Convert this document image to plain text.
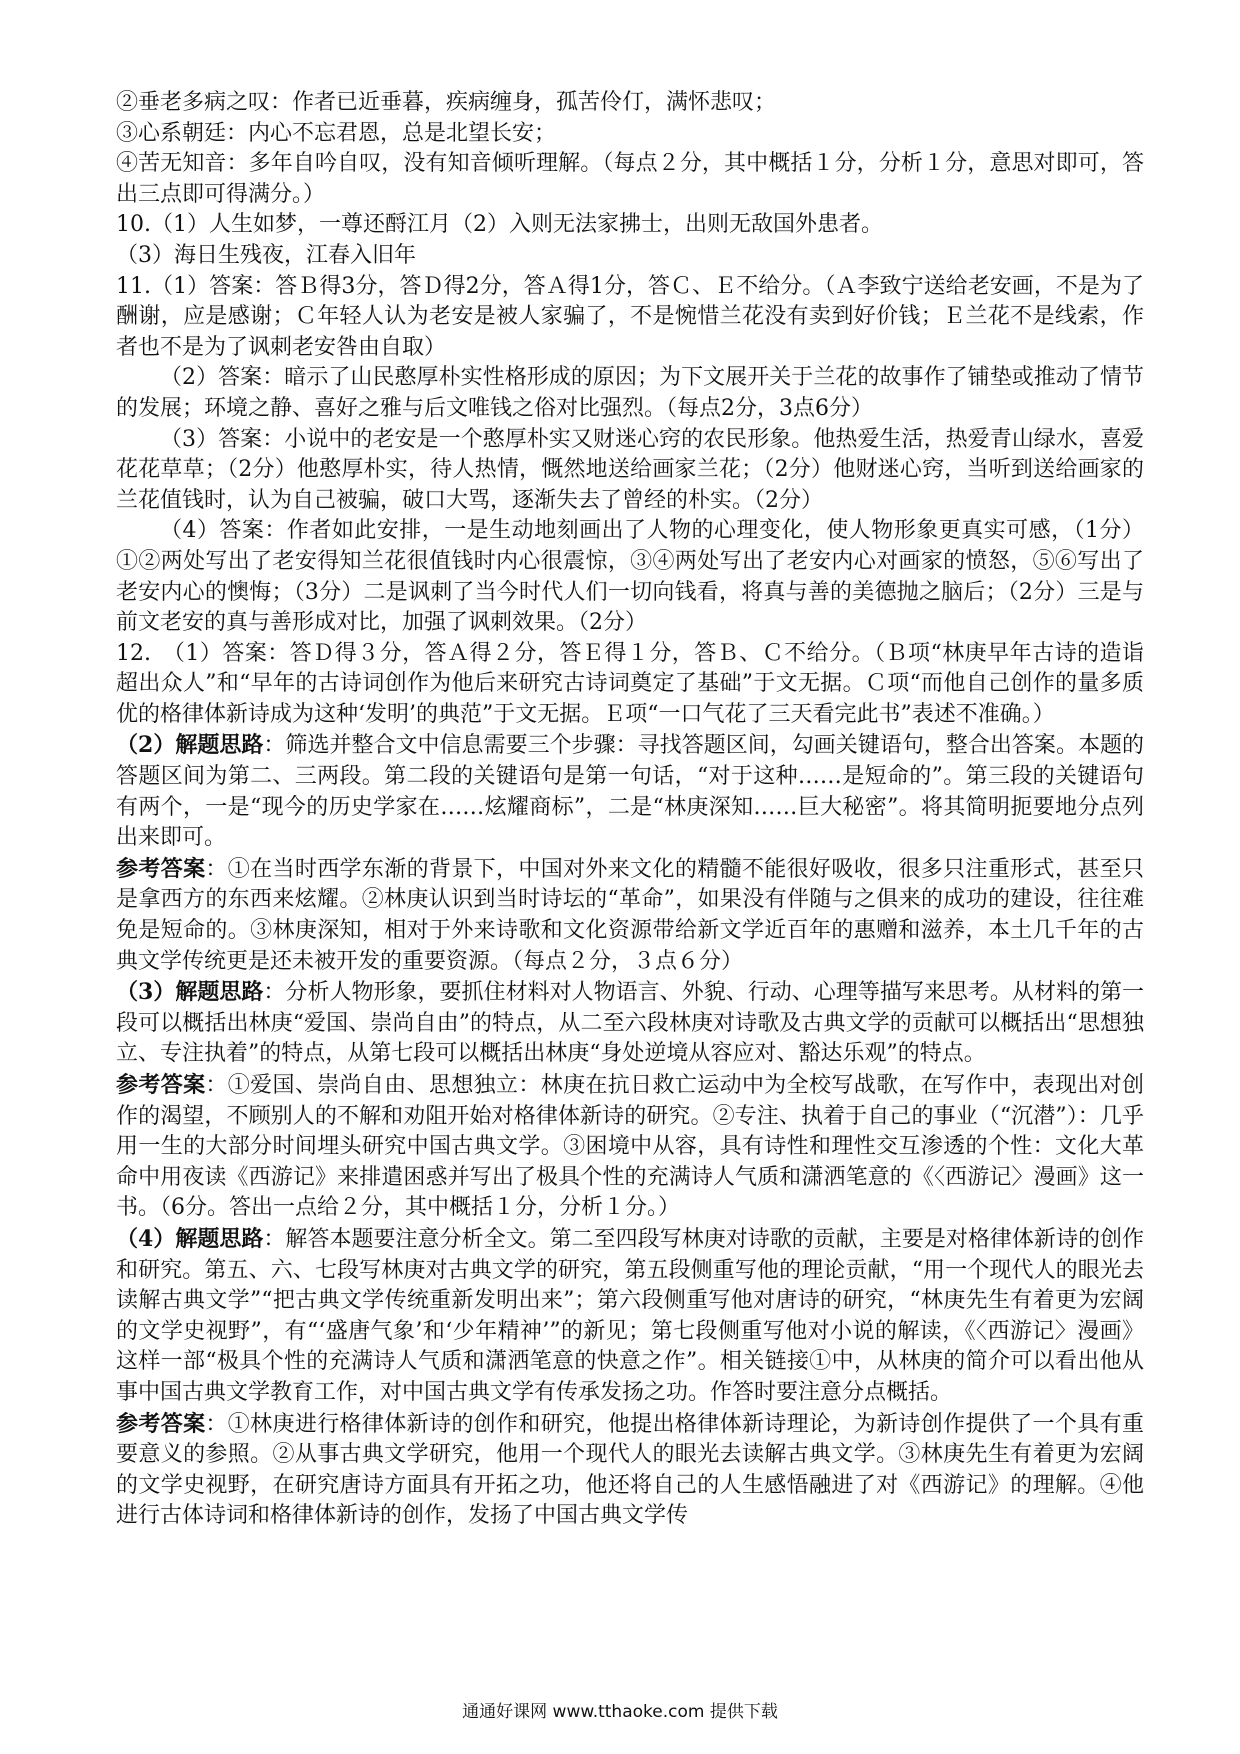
②垂老多病之叹：作者已近垂暮，疾病缠身，孤苦伶仃，满怀悲叹；

③心系朝廷：内心不忘君恩，总是北望长安；

④苦无知音：多年自吟自叹，没有知音倾听理解。（每点２分，其中概括１分，分析１分，意思对即可，答出三点即可得满分。）

10.（1）人生如梦，一尊还酹江月（2）入则无法家拂士，出则无敌国外患者。

（3）海日生残夜，江春入旧年

11.（1）答案：答Ｂ得3分，答Ｄ得2分，答Ａ得1分，答Ｃ、Ｅ不给分。（Ａ李致宁送给老安画，不是为了酬谢，应是感谢；Ｃ年轻人认为老安是被人家骗了，不是惋惜兰花没有卖到好价钱；Ｅ兰花不是线索，作者也不是为了讽刺老安咎由自取）

（2）答案：暗示了山民憨厚朴实性格形成的原因；为下文展开关于兰花的故事作了铺垫或推动了情节的发展；环境之静、喜好之雅与后文唯钱之俗对比强烈。（每点2分，3点6分）

（3）答案：小说中的老安是一个憨厚朴实又财迷心窍的农民形象。他热爱生活，热爱青山绿水，喜爱花花草草；（2分）他憨厚朴实，待人热情，慨然地送给画家兰花；（2分）他财迷心窍，当听到送给画家的兰花值钱时，认为自己被骗，破口大骂，逐渐失去了曾经的朴实。（2分）

（4）答案：作者如此安排，一是生动地刻画出了人物的心理变化，使人物形象更真实可感，（1分）①②两处写出了老安得知兰花很值钱时内心很震惊，③④两处写出了老安内心对画家的愤怒，⑤⑥写出了老安内心的懊悔；（3分）二是讽刺了当今时代人们一切向钱看，将真与善的美德抛之脑后；（2分）三是与前文老安的真与善形成对比，加强了讽刺效果。（2分）

12.　（1）答案：答Ｄ得３分，答Ａ得２分，答Ｅ得１分，答Ｂ、Ｃ不给分。（Ｂ项“林庚早年古诗的造诣超出众人”和“早年的古诗词创作为他后来研究古诗词奠定了基础”于文无据。Ｃ项“而他自己创作的量多质优的格律体新诗成为这种‘发明’的典范”于文无据。Ｅ项“一口气花了三天看完此书”表述不准确。）

（2）解题思路：筛选并整合文中信息需要三个步骤：寻找答题区间，勾画关键语句，整合出答案。本题的答题区间为第二、三两段。第二段的关键语句是第一句话，“对于这种……是短命的”。第三段的关键语句有两个，一是“现今的历史学家在……炫耀商标”，二是“林庚深知……巨大秘密”。将其简明扼要地分点列出来即可。

参考答案：①在当时西学东渐的背景下，中国对外来文化的精髓不能很好吸收，很多只注重形式，甚至只是拿西方的东西来炫耀。②林庚认识到当时诗坛的“革命”，如果没有伴随与之俱来的成功的建设，往往难免是短命的。③林庚深知，相对于外来诗歌和文化资源带给新文学近百年的惠赠和滋养，本土几千年的古典文学传统更是还未被开发的重要资源。（每点２分，３点６分）

（3）解题思路：分析人物形象，要抓住材料对人物语言、外貌、行动、心理等描写来思考。从材料的第一段可以概括出林庚“爱国、崇尚自由”的特点，从二至六段林庚对诗歌及古典文学的贡献可以概括出“思想独立、专注执着”的特点，从第七段可以概括出林庚“身处逆境从容应对、豁达乐观”的特点。

参考答案：①爱国、崇尚自由、思想独立：林庚在抗日救亡运动中为全校写战歌，在写作中，表现出对创作的渴望，不顾别人的不解和劝阻开始对格律体新诗的研究。②专注、执着于自己的事业（“沉潜”）：几乎用一生的大部分时间埋头研究中国古典文学。③困境中从容，具有诗性和理性交互渗透的个性：文化大革命中用夜读《西游记》来排遣困惑并写出了极具个性的充满诗人气质和潇洒笔意的《〈西游记〉漫画》这一书。（6分。答出一点给２分，其中概括１分，分析１分。）

（4）解题思路：解答本题要注意分析全文。第二至四段写林庚对诗歌的贡献，主要是对格律体新诗的创作和研究。第五、六、七段写林庚对古典文学的研究，第五段侧重写他的理论贡献，“用一个现代人的眼光去读解古典文学”“把古典文学传统重新发明出来”；第六段侧重写他对唐诗的研究，“林庚先生有着更为宏阔的文学史视野”，有“‘盛唐气象’和‘少年精神’”的新见；第七段侧重写他对小说的解读，《〈西游记〉漫画》这样一部“极具个性的充满诗人气质和潇洒笔意的快意之作”。相关链接①中，从林庚的简介可以看出他从事中国古典文学教育工作，对中国古典文学有传承发扬之功。作答时要注意分点概括。

参考答案：①林庚进行格律体新诗的创作和研究，他提出格律体新诗理论，为新诗创作提供了一个具有重要意义的参照。②从事古典文学研究，他用一个现代人的眼光去读解古典文学。③林庚先生有着更为宏阔的文学史视野，在研究唐诗方面具有开拓之功，他还将自己的人生感悟融进了对《西游记》的理解。④他进行古体诗词和格律体新诗的创作，发扬了中国古典文学传

通通好课网 www.tthaoke.com 提供下载
